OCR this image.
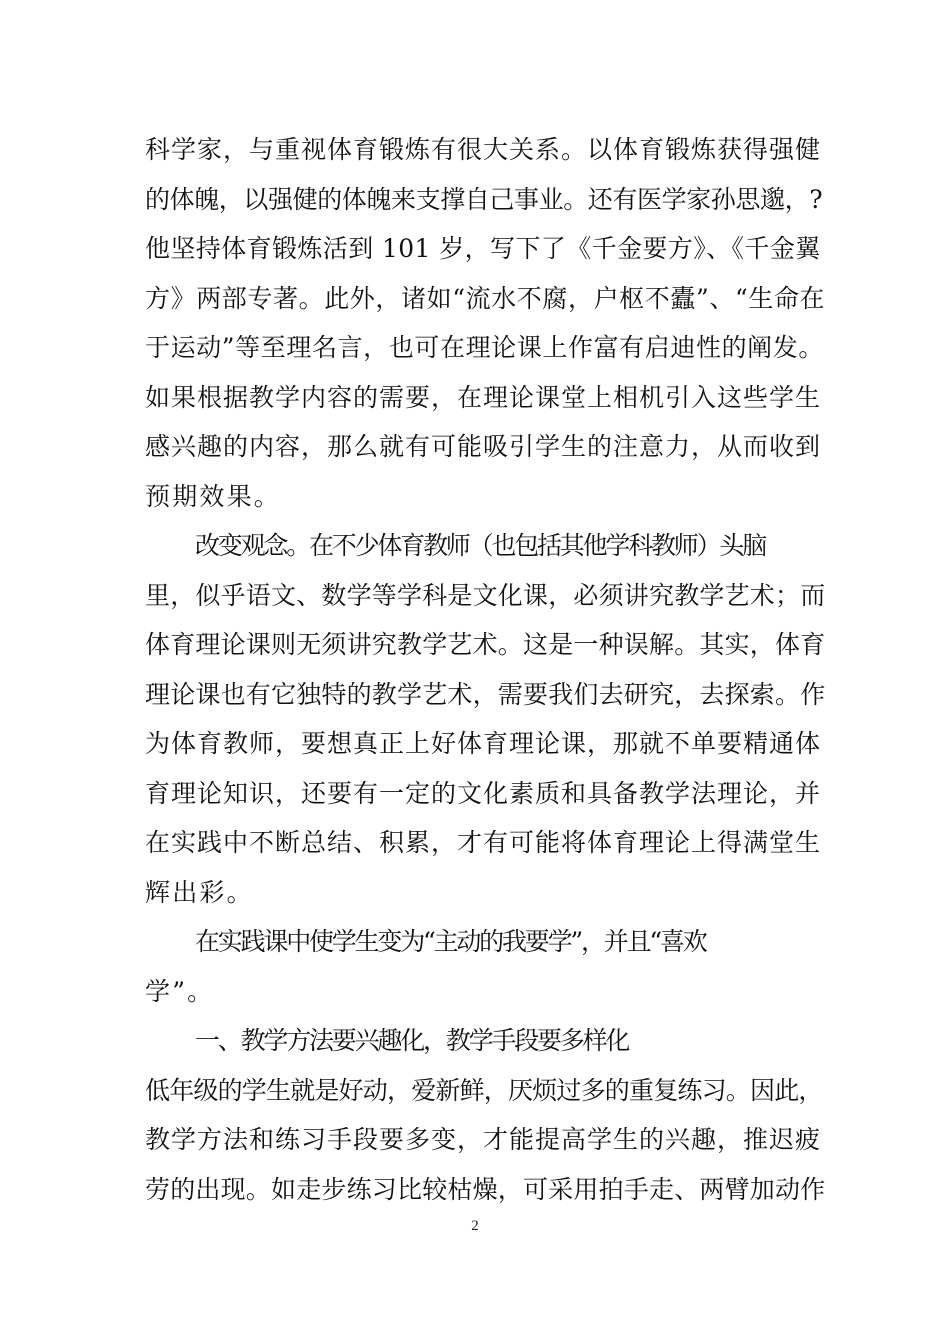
科学家，与重视体育锻炼有很大关系。以体育锻炼获得强健
的体魄，以强健的体魄来支撑自己事业。还有医学家孙思邈，?
他坚持体育锻炼活到 101 岁，写下了《千金要方》、《千金翼
方》两部专著。此外，诸如“流水不腐，户枢不蠹”、“生命在
于运动”等至理名言，也可在理论课上作富有启迪性的阐发。
如果根据教学内容的需要，在理论课堂上相机引入这些学生
感兴趣的内容，那么就有可能吸引学生的注意力，从而收到
预期效果。
改变观念。在不少体育教师（也包括其他学科教师）头脑
里，似乎语文、数学等学科是文化课，必须讲究教学艺术；而
体育理论课则无须讲究教学艺术。这是一种误解。其实，体育
理论课也有它独特的教学艺术，需要我们去研究，去探索。作
为体育教师，要想真正上好体育理论课，那就不单要精通体
育理论知识，还要有一定的文化素质和具备教学法理论，并
在实践中不断总结、积累，才有可能将体育理论上得满堂生
辉出彩。
在实践课中使学生变为“主动的我要学”，并且“喜欢
学”。
一、教学方法要兴趣化，教学手段要多样化
低年级的学生就是好动，爱新鲜，厌烦过多的重复练习。因此，
教学方法和练习手段要多变，才能提高学生的兴趣，推迟疲
劳的出现。如走步练习比较枯燥，可采用拍手走、两臂加动作
2
